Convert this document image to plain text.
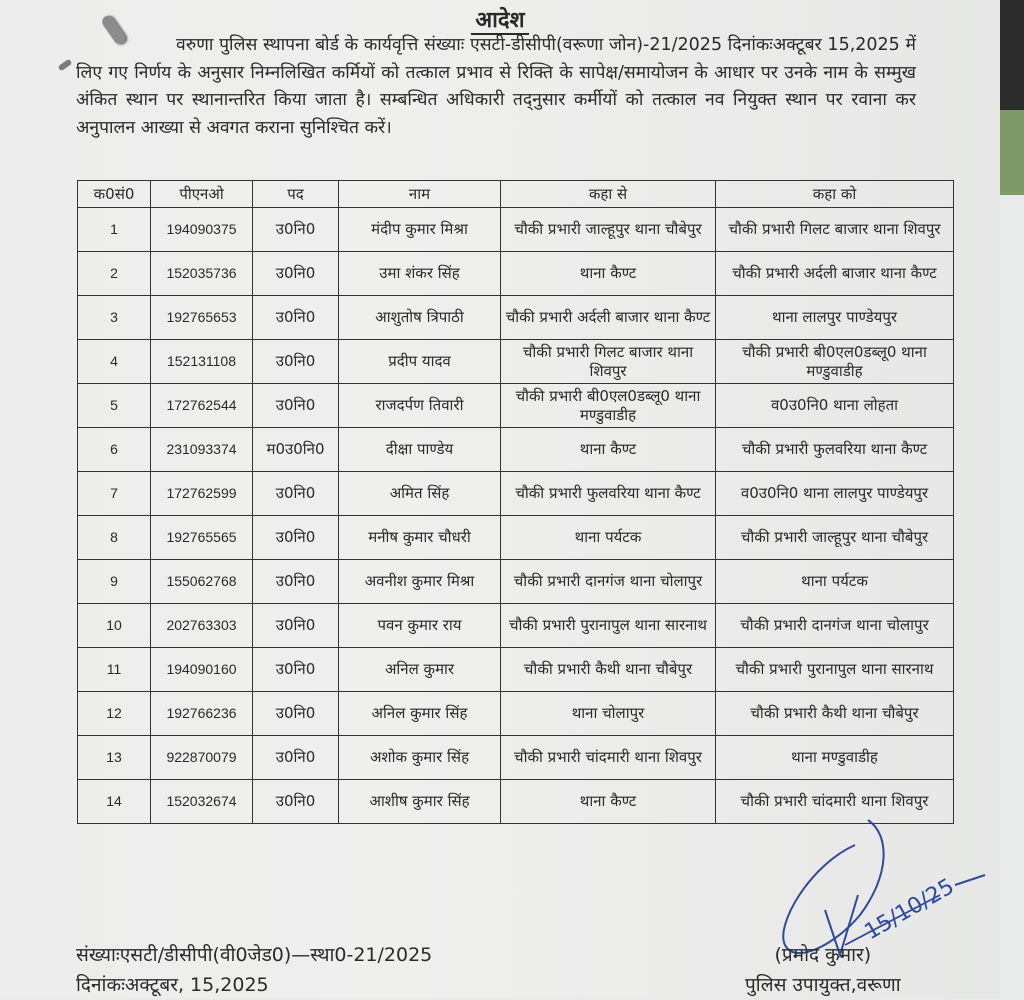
आदेश
वरुणा पुलिस स्थापना बोर्ड के कार्यवृत्ति संख्याः एसटी-डीसीपी(वरूणा जोन)-21/2025 दिनांकःअक्टूबर 15,2025 में लिए गए निर्णय के अनुसार निम्नलिखित कर्मियों को तत्काल प्रभाव से रिक्ति के सापेक्ष/समायोजन के आधार पर उनके नाम के सम्मुख अंकित स्थान पर स्थानान्तरित किया जाता है। सम्बन्धित अधिकारी तद्नुसार कर्मीयों को तत्काल नव नियुक्त स्थान पर रवाना कर अनुपालन आख्या से अवगत कराना सुनिश्चित करें।
क0सं0	पीएनओ	पद	नाम	कहा से	कहा को
1	194090375	उ0नि0	मंदीप कुमार मिश्रा	चौकी प्रभारी जाल्हूपुर थाना चौबेपुर	चौकी प्रभारी गिलट बाजार थाना शिवपुर
2	152035736	उ0नि0	उमा शंकर सिंह	थाना कैण्ट	चौकी प्रभारी अर्दली बाजार थाना कैण्ट
3	192765653	उ0नि0	आशुतोष त्रिपाठी	चौकी प्रभारी अर्दली बाजार थाना कैण्ट	थाना लालपुर पाण्डेयपुर
4	152131108	उ0नि0	प्रदीप यादव	चौकी प्रभारी गिलट बाजार थाना शिवपुर	चौकी प्रभारी बी0एल0डब्लू0 थाना मण्डुवाडीह
5	172762544	उ0नि0	राजदर्पण तिवारी	चौकी प्रभारी बी0एल0डब्लू0 थाना मण्डुवाडीह	व0उ0नि0 थाना लोहता
6	231093374	म0उ0नि0	दीक्षा पाण्डेय	थाना कैण्ट	चौकी प्रभारी फुलवरिया थाना कैण्ट
7	172762599	उ0नि0	अमित सिंह	चौकी प्रभारी फुलवरिया थाना कैण्ट	व0उ0नि0 थाना लालपुर पाण्डेयपुर
8	192765565	उ0नि0	मनीष कुमार चौधरी	थाना पर्यटक	चौकी प्रभारी जाल्हूपुर थाना चौबेपुर
9	155062768	उ0नि0	अवनीश कुमार मिश्रा	चौकी प्रभारी दानगंज थाना चोलापुर	थाना पर्यटक
10	202763303	उ0नि0	पवन कुमार राय	चौकी प्रभारी पुरानापुल थाना सारनाथ	चौकी प्रभारी दानगंज थाना चोलापुर
11	194090160	उ0नि0	अनिल कुमार	चौकी प्रभारी कैथी थाना चौबेपुर	चौकी प्रभारी पुरानापुल थाना सारनाथ
12	192766236	उ0नि0	अनिल कुमार सिंह	थाना चोलापुर	चौकी प्रभारी कैथी थाना चौबेपुर
13	922870079	उ0नि0	अशोक कुमार सिंह	चौकी प्रभारी चांदमारी थाना शिवपुर	थाना मण्डुवाडीह
14	152032674	उ0नि0	आशीष कुमार सिंह	थाना कैण्ट	चौकी प्रभारी चांदमारी थाना शिवपुर
15/10/25
संख्याःएसटी/डीसीपी(वी0जेड0)—स्था0-21/2025
दिनांकःअक्टूबर, 15,2025
(प्रमोद कुमार)
पुलिस उपायुक्त,वरूणा
